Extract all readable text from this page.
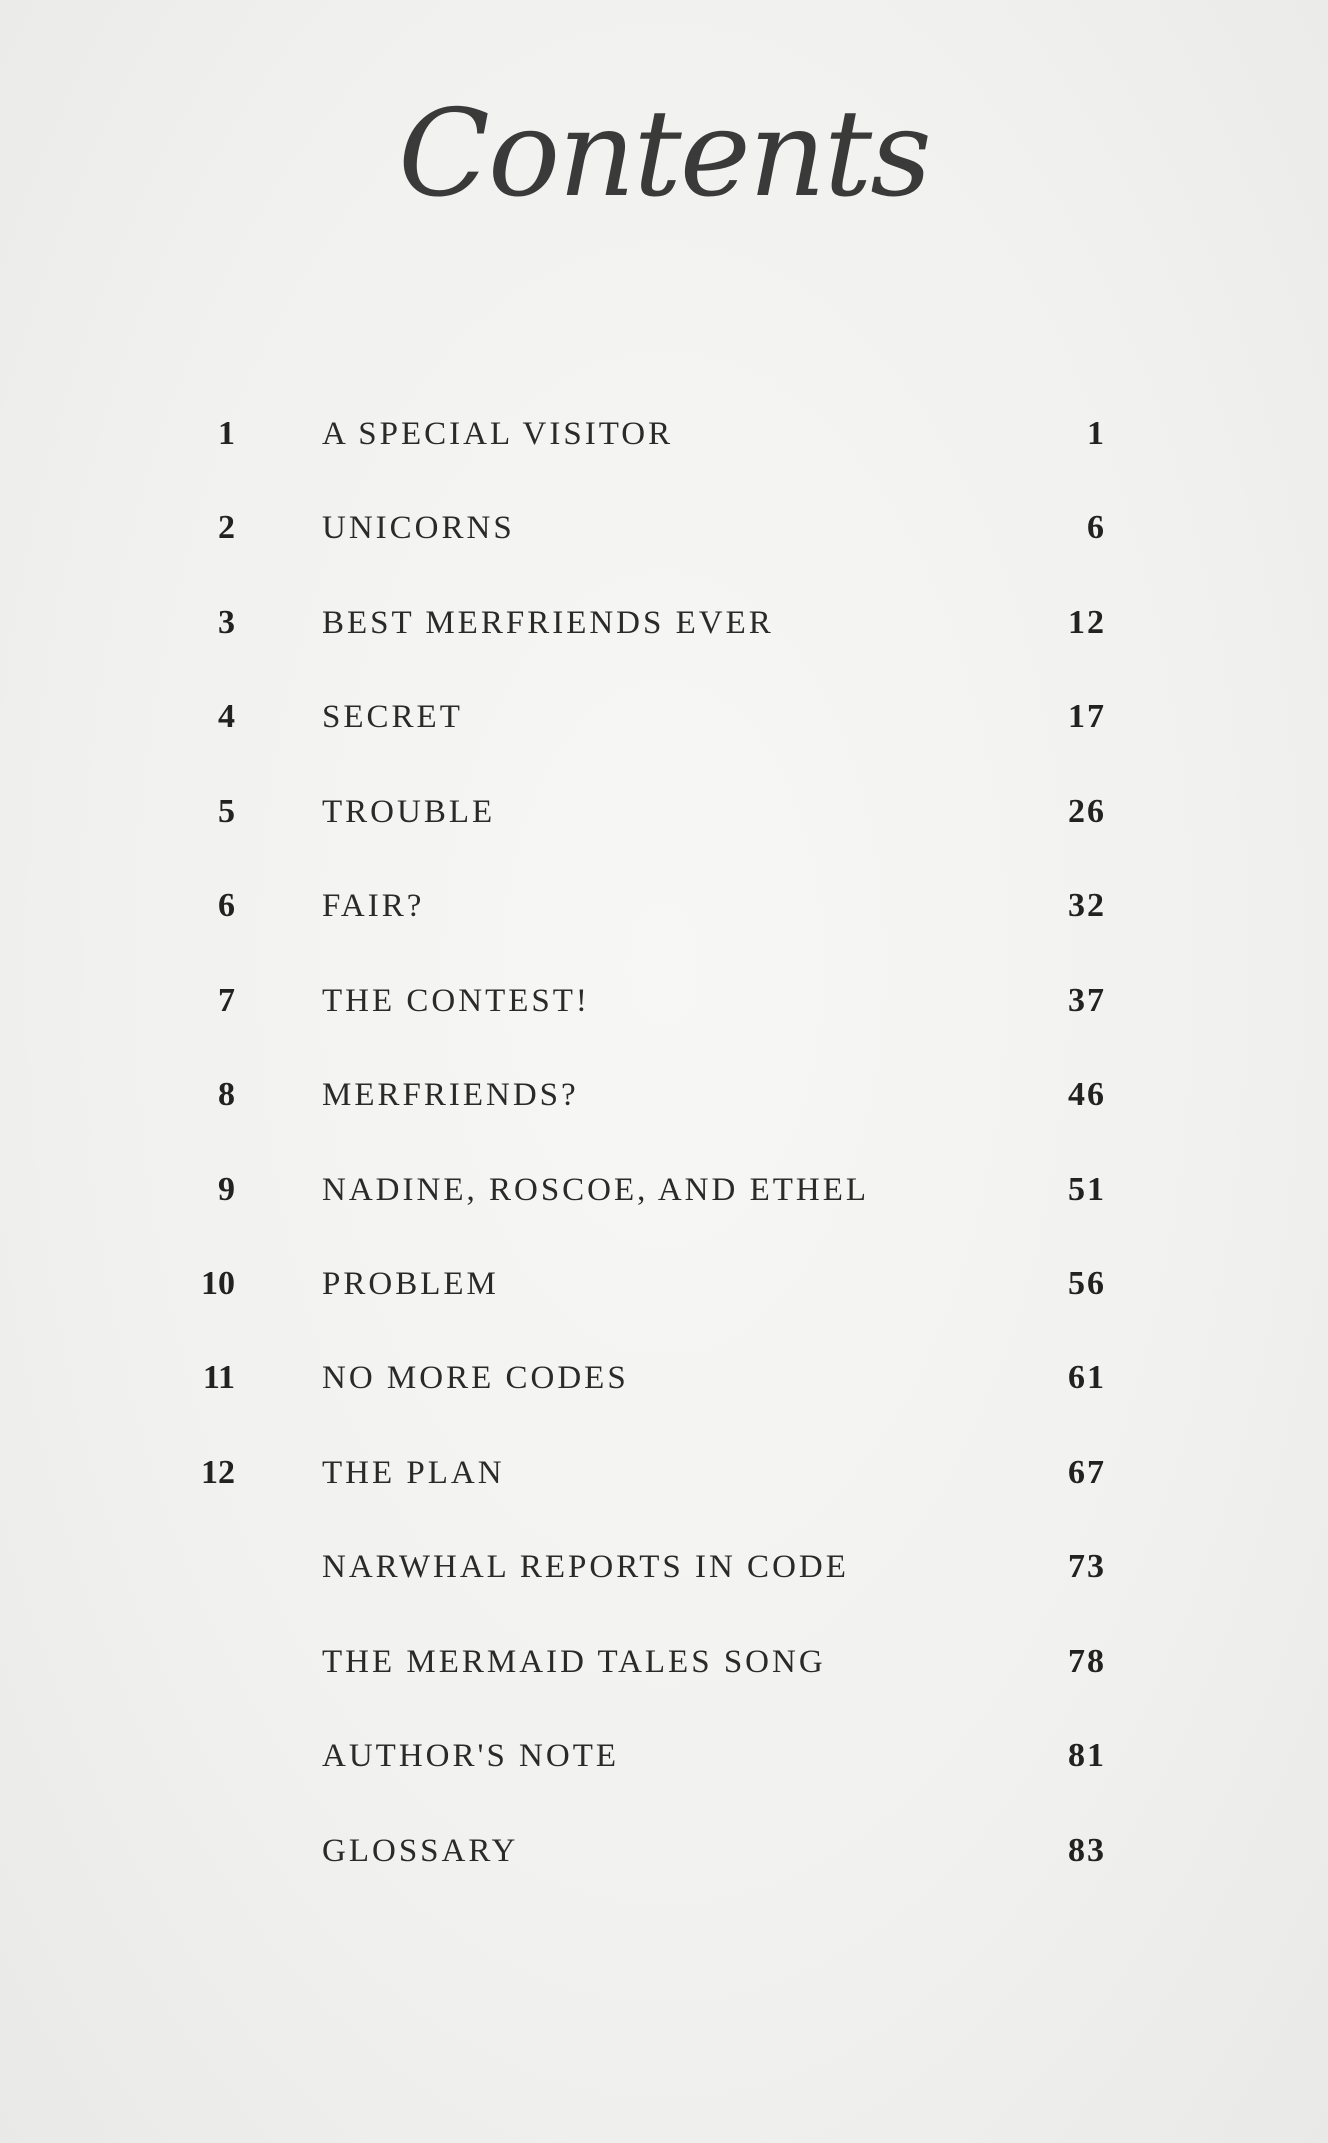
Contents
1	A SPECIAL VISITOR	1
2	UNICORNS	6
3	BEST MERFRIENDS EVER	12
4	SECRET	17
5	TROUBLE	26
6	FAIR?	32
7	THE CONTEST!	37
8	MERFRIENDS?	46
9	NADINE, ROSCOE, AND ETHEL	51
10	PROBLEM	56
11	NO MORE CODES	61
12	THE PLAN	67
NARWHAL REPORTS IN CODE	73
THE MERMAID TALES SONG	78
AUTHOR'S NOTE	81
GLOSSARY	83
